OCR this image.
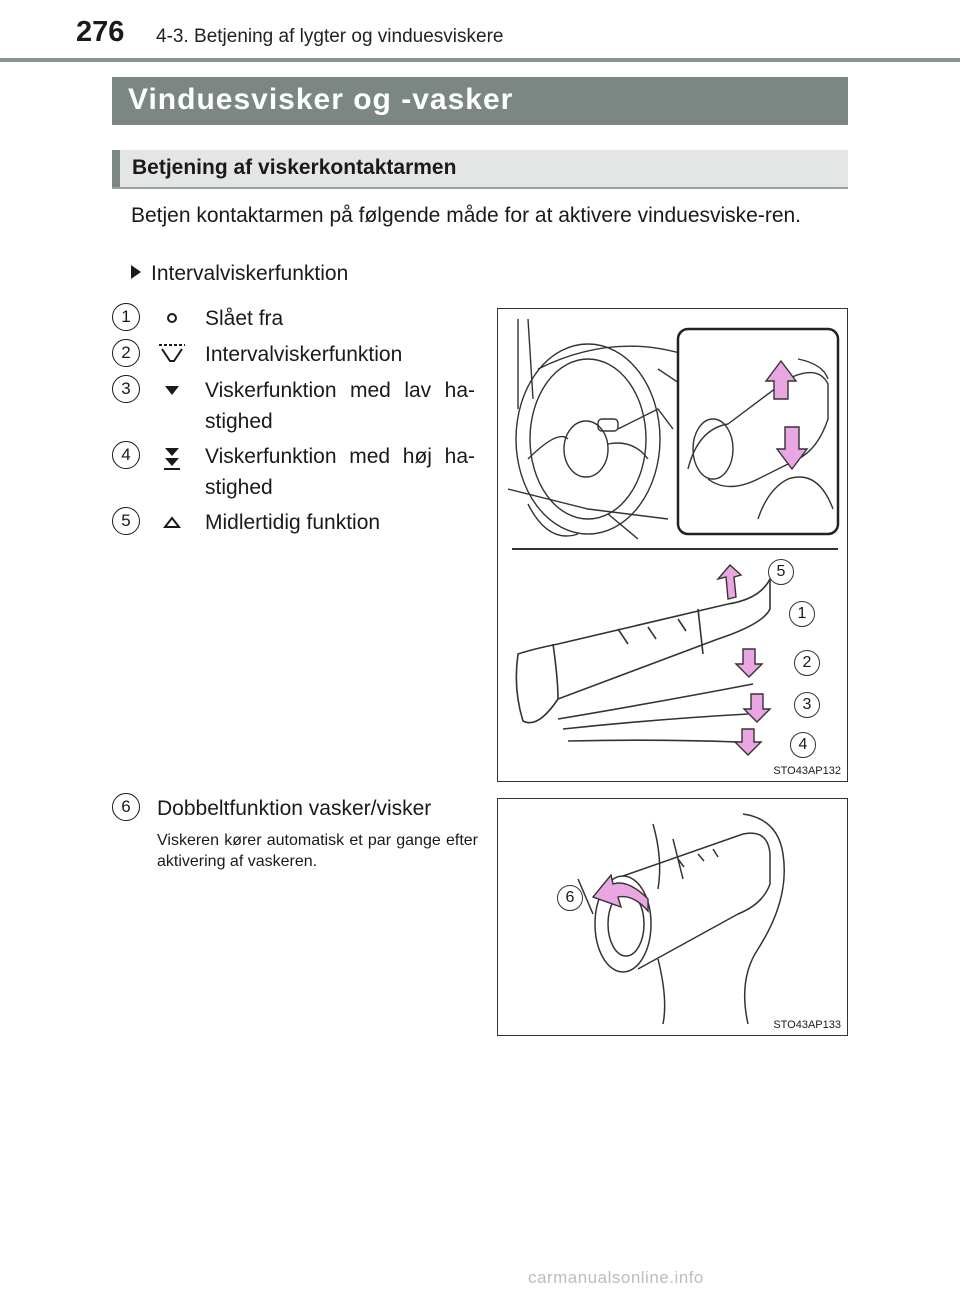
276 4-3. Betjening af lygter og vinduesviskere
Vinduesvisker og -vasker
Betjening af viskerkontaktarmen
Betjen kontaktarmen på følgende måde for at aktivere vinduesviske-ren.
Intervalviskerfunktion
1	Slået fra
2	Intervalviskerfunktion
3	Viskerfunktion med lav ha-stighed
4	Viskerfunktion med høj ha-stighed
5	Midlertidig funktion
6	Dobbeltfunktion vasker/visker
Viskeren kører automatisk et par gange efter aktivering af vaskeren.
5
1
2
3
4
STO43AP132
6
STO43AP133
carmanualsonline.info
